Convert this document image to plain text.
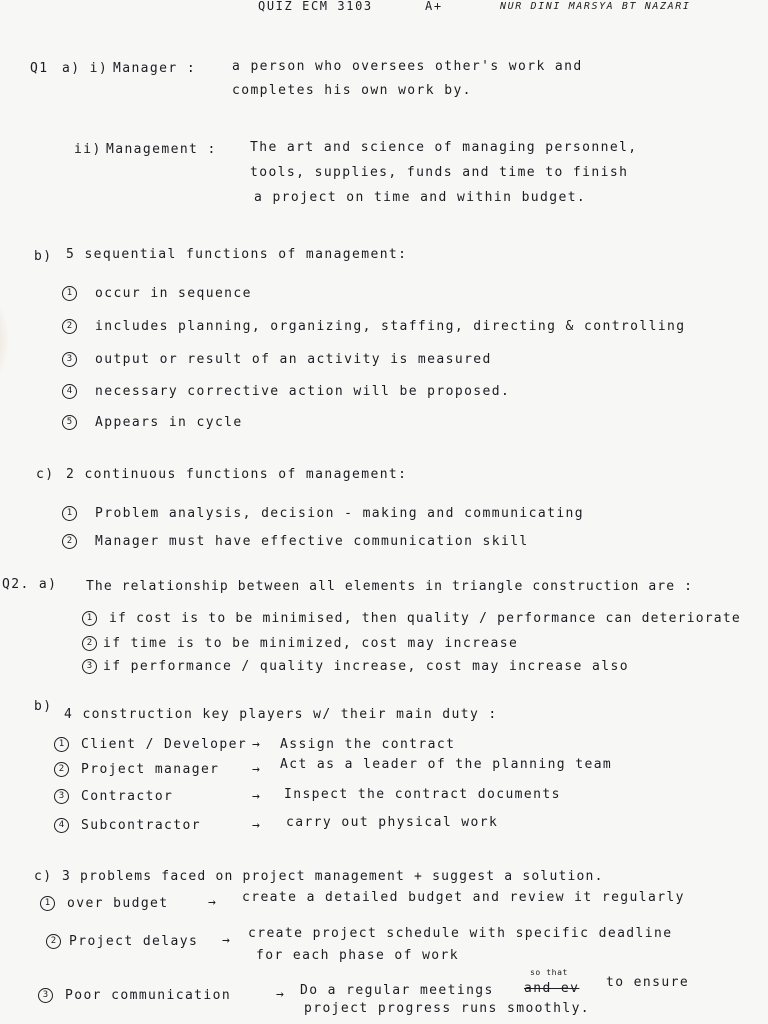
QUIZ ECM 3103	A+	NUR DINI MARSYA BT NAZARI
Q1 a) i) Manager :	a person who oversees other's work and
completes his own work by.
ii) Management :	The art and science of managing personnel,
tools, supplies, funds and time to finish
a project on time and within budget.
b) 5 sequential functions of management:
1 occur in sequence
2 includes planning, organizing, staffing, directing & controlling
3 output or result of an activity is measured
4 necessary corrective action will be proposed.
5 Appears in cycle
c) 2 continuous functions of management:
1 Problem analysis, decision - making and communicating
2 Manager must have effective communication skill
Q2. a) The relationship between all elements in triangle construction are :
1 if cost is to be minimised, then quality / performance can deteriorate
2 if time is to be minimized, cost may increase
3 if performance / quality increase, cost may increase also
b)
4 construction key players w/ their main duty :
1 Client / Developer → Assign the contract
2 Project manager	→ Act as a leader of the planning team
3 Contractor	→ Inspect the contract documents
4 Subcontractor	→ carry out physical work
c) 3 problems faced on project management + suggest a solution.
1 over budget	→ create a detailed budget and review it regularly
2 Project delays → create project schedule with specific deadline
for each phase of work
3 Poor communication	→ Do a regular meetings
so that
and ev to ensure
project progress runs smoothly.
